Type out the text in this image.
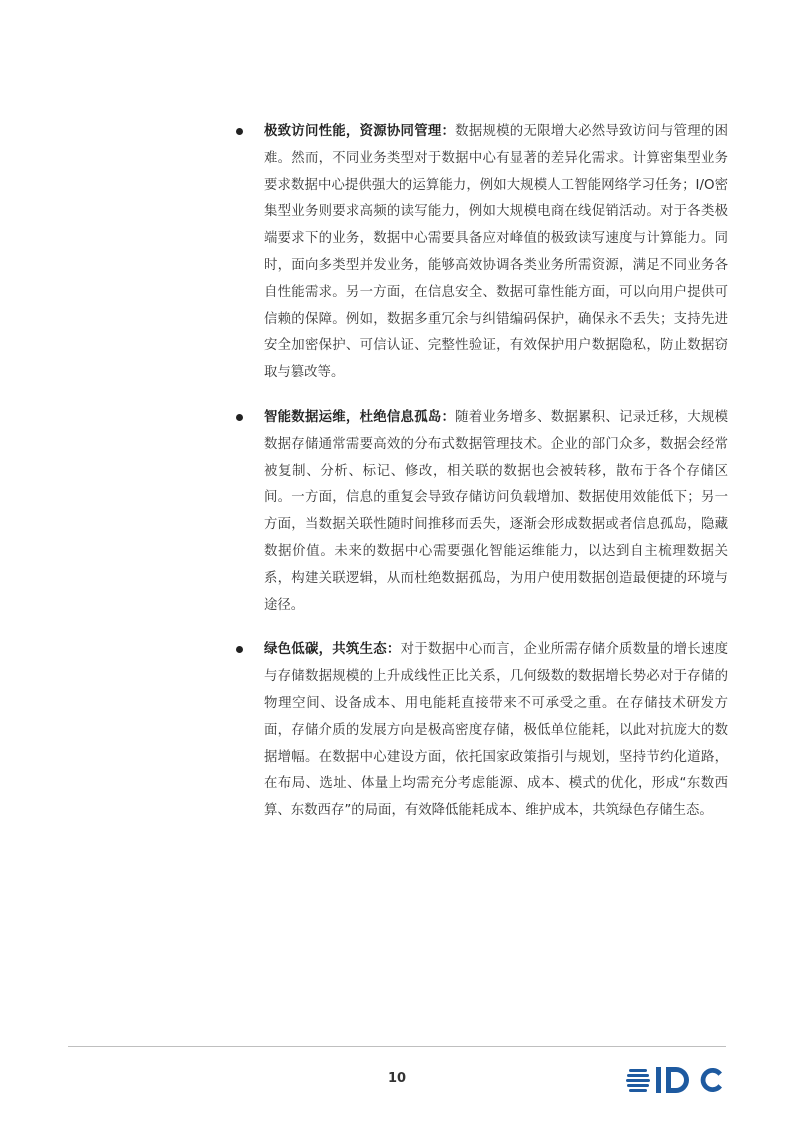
极致访问性能，资源协同管理：数据规模的无限增大必然导致访问与管理的困难。然而，不同业务类型对于数据中心有显著的差异化需求。计算密集型业务要求数据中心提供强大的运算能力，例如大规模人工智能网络学习任务；I/O密集型业务则要求高频的读写能力，例如大规模电商在线促销活动。对于各类极端要求下的业务，数据中心需要具备应对峰值的极致读写速度与计算能力。同时，面向多类型并发业务，能够高效协调各类业务所需资源，满足不同业务各自性能需求。另一方面，在信息安全、数据可靠性能方面，可以向用户提供可信赖的保障。例如，数据多重冗余与纠错编码保护，确保永不丢失；支持先进安全加密保护、可信认证、完整性验证，有效保护用户数据隐私，防止数据窃取与篡改等。
智能数据运维，杜绝信息孤岛：随着业务增多、数据累积、记录迁移，大规模数据存储通常需要高效的分布式数据管理技术。企业的部门众多，数据会经常被复制、分析、标记、修改，相关联的数据也会被转移，散布于各个存储区间。一方面，信息的重复会导致存储访问负载增加、数据使用效能低下；另一方面，当数据关联性随时间推移而丢失，逐渐会形成数据或者信息孤岛，隐藏数据价值。未来的数据中心需要强化智能运维能力，以达到自主梳理数据关系，构建关联逻辑，从而杜绝数据孤岛，为用户使用数据创造最便捷的环境与途径。
绿色低碳，共筑生态：对于数据中心而言，企业所需存储介质数量的增长速度与存储数据规模的上升成线性正比关系，几何级数的数据增长势必对于存储的物理空间、设备成本、用电能耗直接带来不可承受之重。在存储技术研发方面，存储介质的发展方向是极高密度存储，极低单位能耗，以此对抗庞大的数据增幅。在数据中心建设方面，依托国家政策指引与规划，坚持节约化道路，在布局、选址、体量上均需充分考虑能源、成本、模式的优化，形成“东数西算、东数西存”的局面，有效降低能耗成本、维护成本，共筑绿色存储生态。
10
